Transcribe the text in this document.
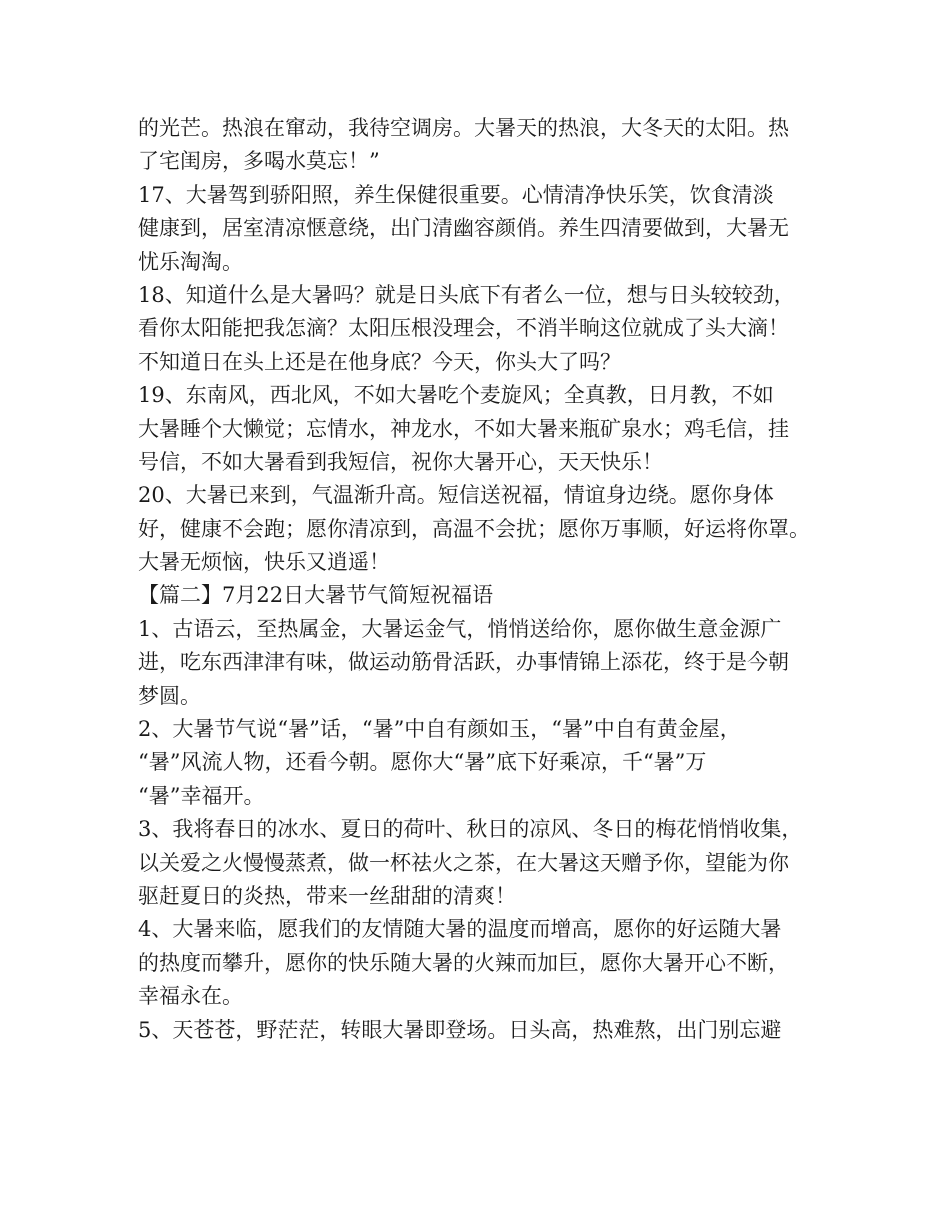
的光芒。热浪在窜动，我待空调房。大暑天的热浪，大冬天的太阳。热
了宅闺房，多喝水莫忘！”
17、大暑驾到骄阳照，养生保健很重要。心情清净快乐笑，饮食清淡
健康到，居室清凉惬意绕，出门清幽容颜俏。养生四清要做到，大暑无
忧乐淘淘。
18、知道什么是大暑吗？就是日头底下有者么一位，想与日头较较劲，
看你太阳能把我怎滴？太阳压根没理会，不消半晌这位就成了头大滴！
不知道日在头上还是在他身底？今天，你头大了吗？
19、东南风，西北风，不如大暑吃个麦旋风；全真教，日月教，不如
大暑睡个大懒觉；忘情水，神龙水，不如大暑来瓶矿泉水；鸡毛信，挂
号信，不如大暑看到我短信，祝你大暑开心，天天快乐！
20、大暑已来到，气温渐升高。短信送祝福，情谊身边绕。愿你身体
好，健康不会跑；愿你清凉到，高温不会扰；愿你万事顺，好运将你罩。
大暑无烦恼，快乐又逍遥！
【篇二】7月22日大暑节气简短祝福语
1、古语云，至热属金，大暑运金气，悄悄送给你，愿你做生意金源广
进，吃东西津津有味，做运动筋骨活跃，办事情锦上添花，终于是今朝
梦圆。
2、大暑节气说“暑”话，“暑”中自有颜如玉，“暑”中自有黄金屋，
“暑”风流人物，还看今朝。愿你大“暑”底下好乘凉，千“暑”万
“暑”幸福开。
3、我将春日的冰水、夏日的荷叶、秋日的凉风、冬日的梅花悄悄收集，
以关爱之火慢慢蒸煮，做一杯祛火之茶，在大暑这天赠予你，望能为你
驱赶夏日的炎热，带来一丝甜甜的清爽！
4、大暑来临，愿我们的友情随大暑的温度而增高，愿你的好运随大暑
的热度而攀升，愿你的快乐随大暑的火辣而加巨，愿你大暑开心不断，
幸福永在。
5、天苍苍，野茫茫，转眼大暑即登场。日头高，热难熬，出门别忘避
